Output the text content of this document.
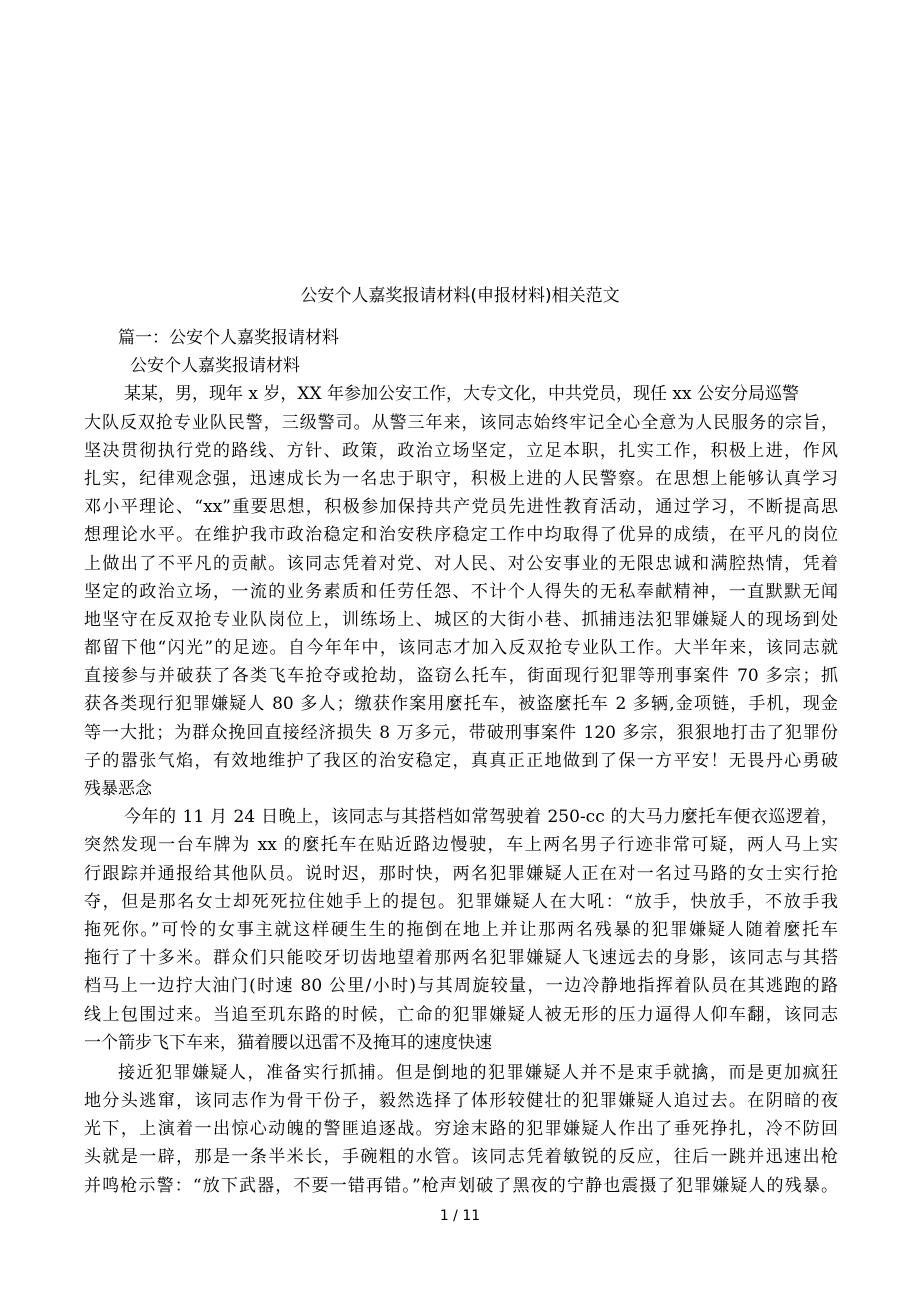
公安个人嘉奖报请材料(申报材料)相关范文
篇一：公安个人嘉奖报请材料
公安个人嘉奖报请材料
某某，男，现年 x 岁，XX 年参加公安工作，大专文化，中共党员，现任 xx 公安分局巡警
大队反双抢专业队民警，三级警司。从警三年来，该同志始终牢记全心全意为人民服务的宗旨，
坚决贯彻执行党的路线、方针、政策，政治立场坚定，立足本职，扎实工作，积极上进，作风
扎实，纪律观念强，迅速成长为一名忠于职守，积极上进的人民警察。在思想上能够认真学习
邓小平理论、“xx”重要思想，积极参加保持共产党员先进性教育活动，通过学习，不断提高思
想理论水平。在维护我市政治稳定和治安秩序稳定工作中均取得了优异的成绩，在平凡的岗位
上做出了不平凡的贡献。该同志凭着对党、对人民、对公安事业的无限忠诚和满腔热情，凭着
坚定的政治立场，一流的业务素质和任劳任怨、不计个人得失的无私奉献精神，一直默默无闻
地坚守在反双抢专业队岗位上，训练场上、城区的大街小巷、抓捕违法犯罪嫌疑人的现场到处
都留下他“闪光”的足迹。自今年年中，该同志才加入反双抢专业队工作。大半年来，该同志就
直接参与并破获了各类飞车抢夺或抢劫，盗窃么托车，街面现行犯罪等刑事案件 70 多宗；抓
获各类现行犯罪嫌疑人 80 多人；缴获作案用麼托车，被盗麼托车 2 多辆,金项链，手机，现金
等一大批；为群众挽回直接经济损失 8 万多元，带破刑事案件 120 多宗，狠狠地打击了犯罪份
子的嚣张气焰，有效地维护了我区的治安稳定，真真正正地做到了保一方平安！无畏丹心勇破
残暴恶念
今年的 11 月 24 日晚上，该同志与其搭档如常驾驶着 250-cc 的大马力麼托车便衣巡逻着，
突然发现一台车牌为 xx 的麼托车在贴近路边慢驶，车上两名男子行迹非常可疑，两人马上实
行跟踪并通报给其他队员。说时迟，那时快，两名犯罪嫌疑人正在对一名过马路的女士实行抢
夺，但是那名女士却死死拉住她手上的提包。犯罪嫌疑人在大吼：“放手，快放手，不放手我
拖死你。”可怜的女事主就这样硬生生的拖倒在地上并让那两名残暴的犯罪嫌疑人随着麼托车
拖行了十多米。群众们只能咬牙切齿地望着那两名犯罪嫌疑人飞速远去的身影，该同志与其搭
档马上一边拧大油门(时速 80 公里/小时)与其周旋较量，一边冷静地指挥着队员在其逃跑的路
线上包围过来。当追至玑东路的时候，亡命的犯罪嫌疑人被无形的压力逼得人仰车翻，该同志
一个箭步飞下车来，猫着腰以迅雷不及掩耳的速度快速
接近犯罪嫌疑人，准备实行抓捕。但是倒地的犯罪嫌疑人并不是束手就擒，而是更加疯狂
地分头逃窜，该同志作为骨干份子，毅然选择了体形较健壮的犯罪嫌疑人追过去。在阴暗的夜
光下，上演着一出惊心动魄的警匪追逐战。穷途末路的犯罪嫌疑人作出了垂死挣扎，冷不防回
头就是一辟，那是一条半米长，手碗粗的水管。该同志凭着敏锐的反应，往后一跳并迅速出枪
并鸣枪示警：“放下武器，不要一错再错。”枪声划破了黑夜的宁静也震摄了犯罪嫌疑人的残暴。
1 / 11
